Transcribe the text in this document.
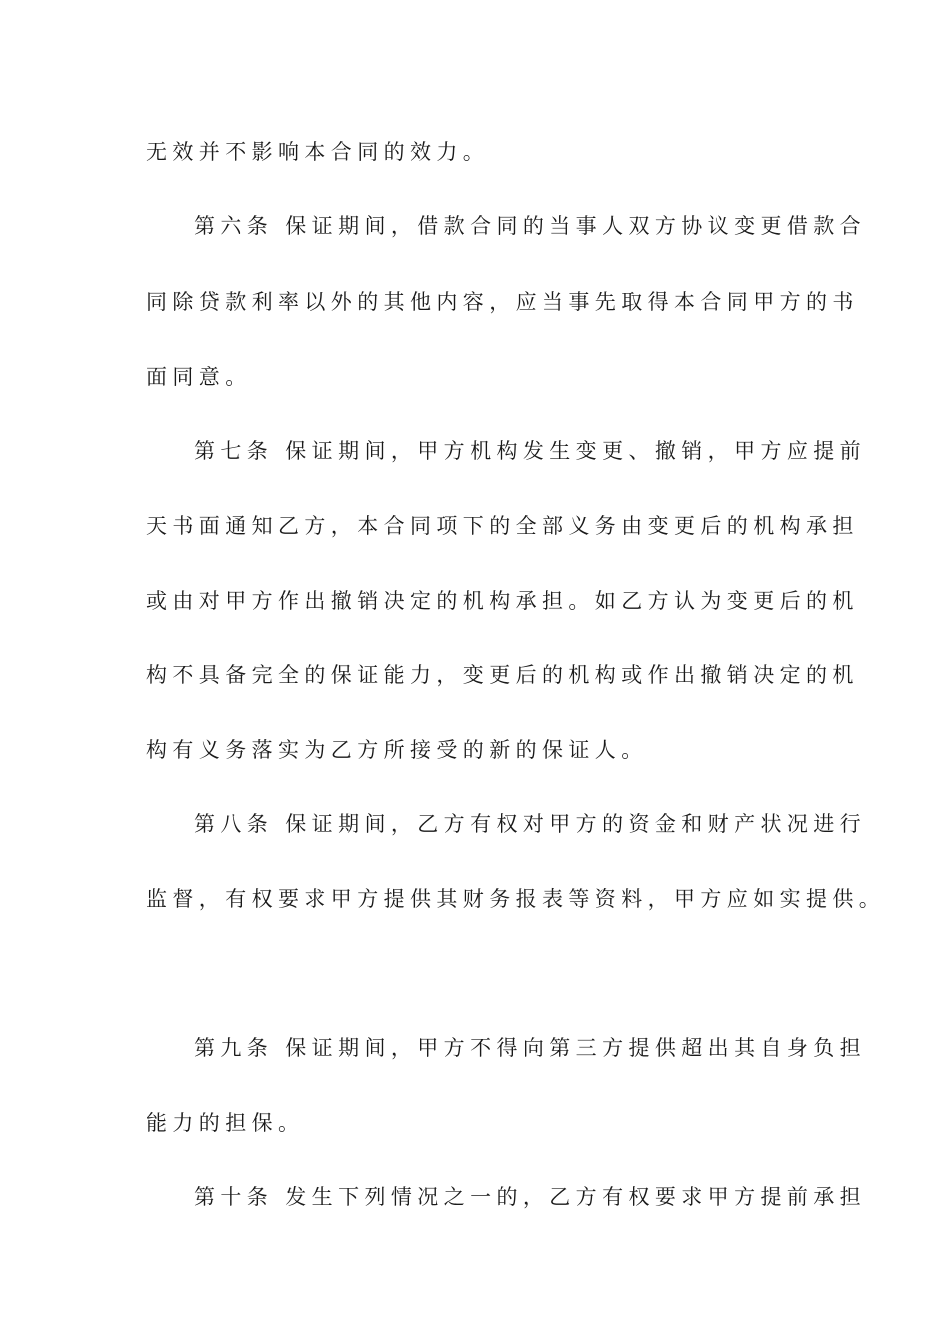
无效并不影响本合同的效力。
第六条 保证期间，借款合同的当事人双方协议变更借款合
同除贷款利率以外的其他内容，应当事先取得本合同甲方的书
面同意。
第七条 保证期间，甲方机构发生变更、撤销，甲方应提前
天书面通知乙方，本合同项下的全部义务由变更后的机构承担
或由对甲方作出撤销决定的机构承担。如乙方认为变更后的机
构不具备完全的保证能力，变更后的机构或作出撤销决定的机
构有义务落实为乙方所接受的新的保证人。
第八条 保证期间，乙方有权对甲方的资金和财产状况进行
监督，有权要求甲方提供其财务报表等资料，甲方应如实提供。
第九条 保证期间，甲方不得向第三方提供超出其自身负担
能力的担保。
第十条 发生下列情况之一的，乙方有权要求甲方提前承担
